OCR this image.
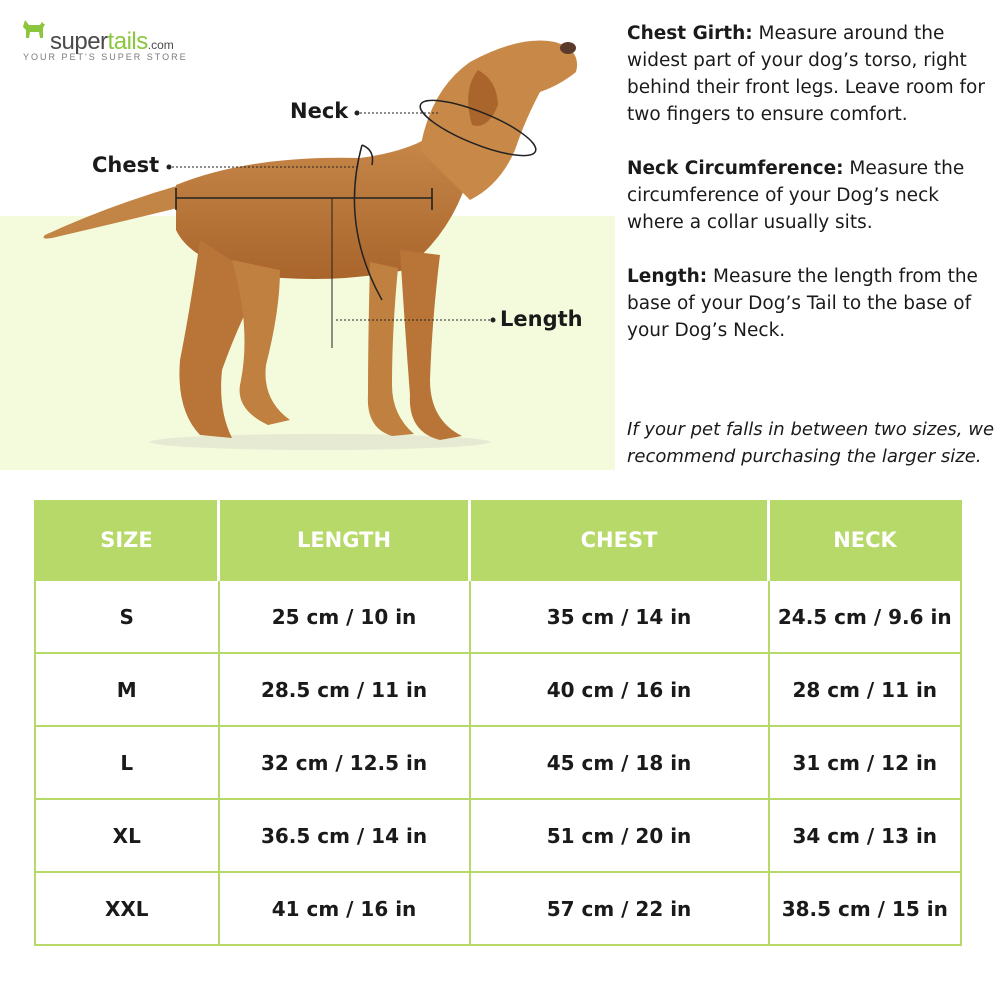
supertails.com
YOUR PET'S SUPER STORE
Neck
Chest
Length

Chest Girth: Measure around the widest part of your dog’s torso, right behind their front legs. Leave room for two fingers to ensure comfort.

Neck Circumference: Measure the circumference of your Dog’s neck where a collar usually sits.

Length: Measure the length from the base of your Dog’s Tail to the base of your Dog’s Neck.

If your pet falls in between two sizes, we recommend purchasing the larger size.
SIZE	LENGTH	CHEST	NECK
S	25 cm / 10 in	35 cm / 14 in	24.5 cm / 9.6 in
M	28.5 cm / 11 in	40 cm / 16 in	28 cm / 11 in
L	32 cm / 12.5 in	45 cm / 18 in	31 cm / 12 in
XL	36.5 cm / 14 in	51 cm / 20 in	34 cm / 13 in
XXL	41 cm / 16 in	57 cm / 22 in	38.5 cm / 15 in
